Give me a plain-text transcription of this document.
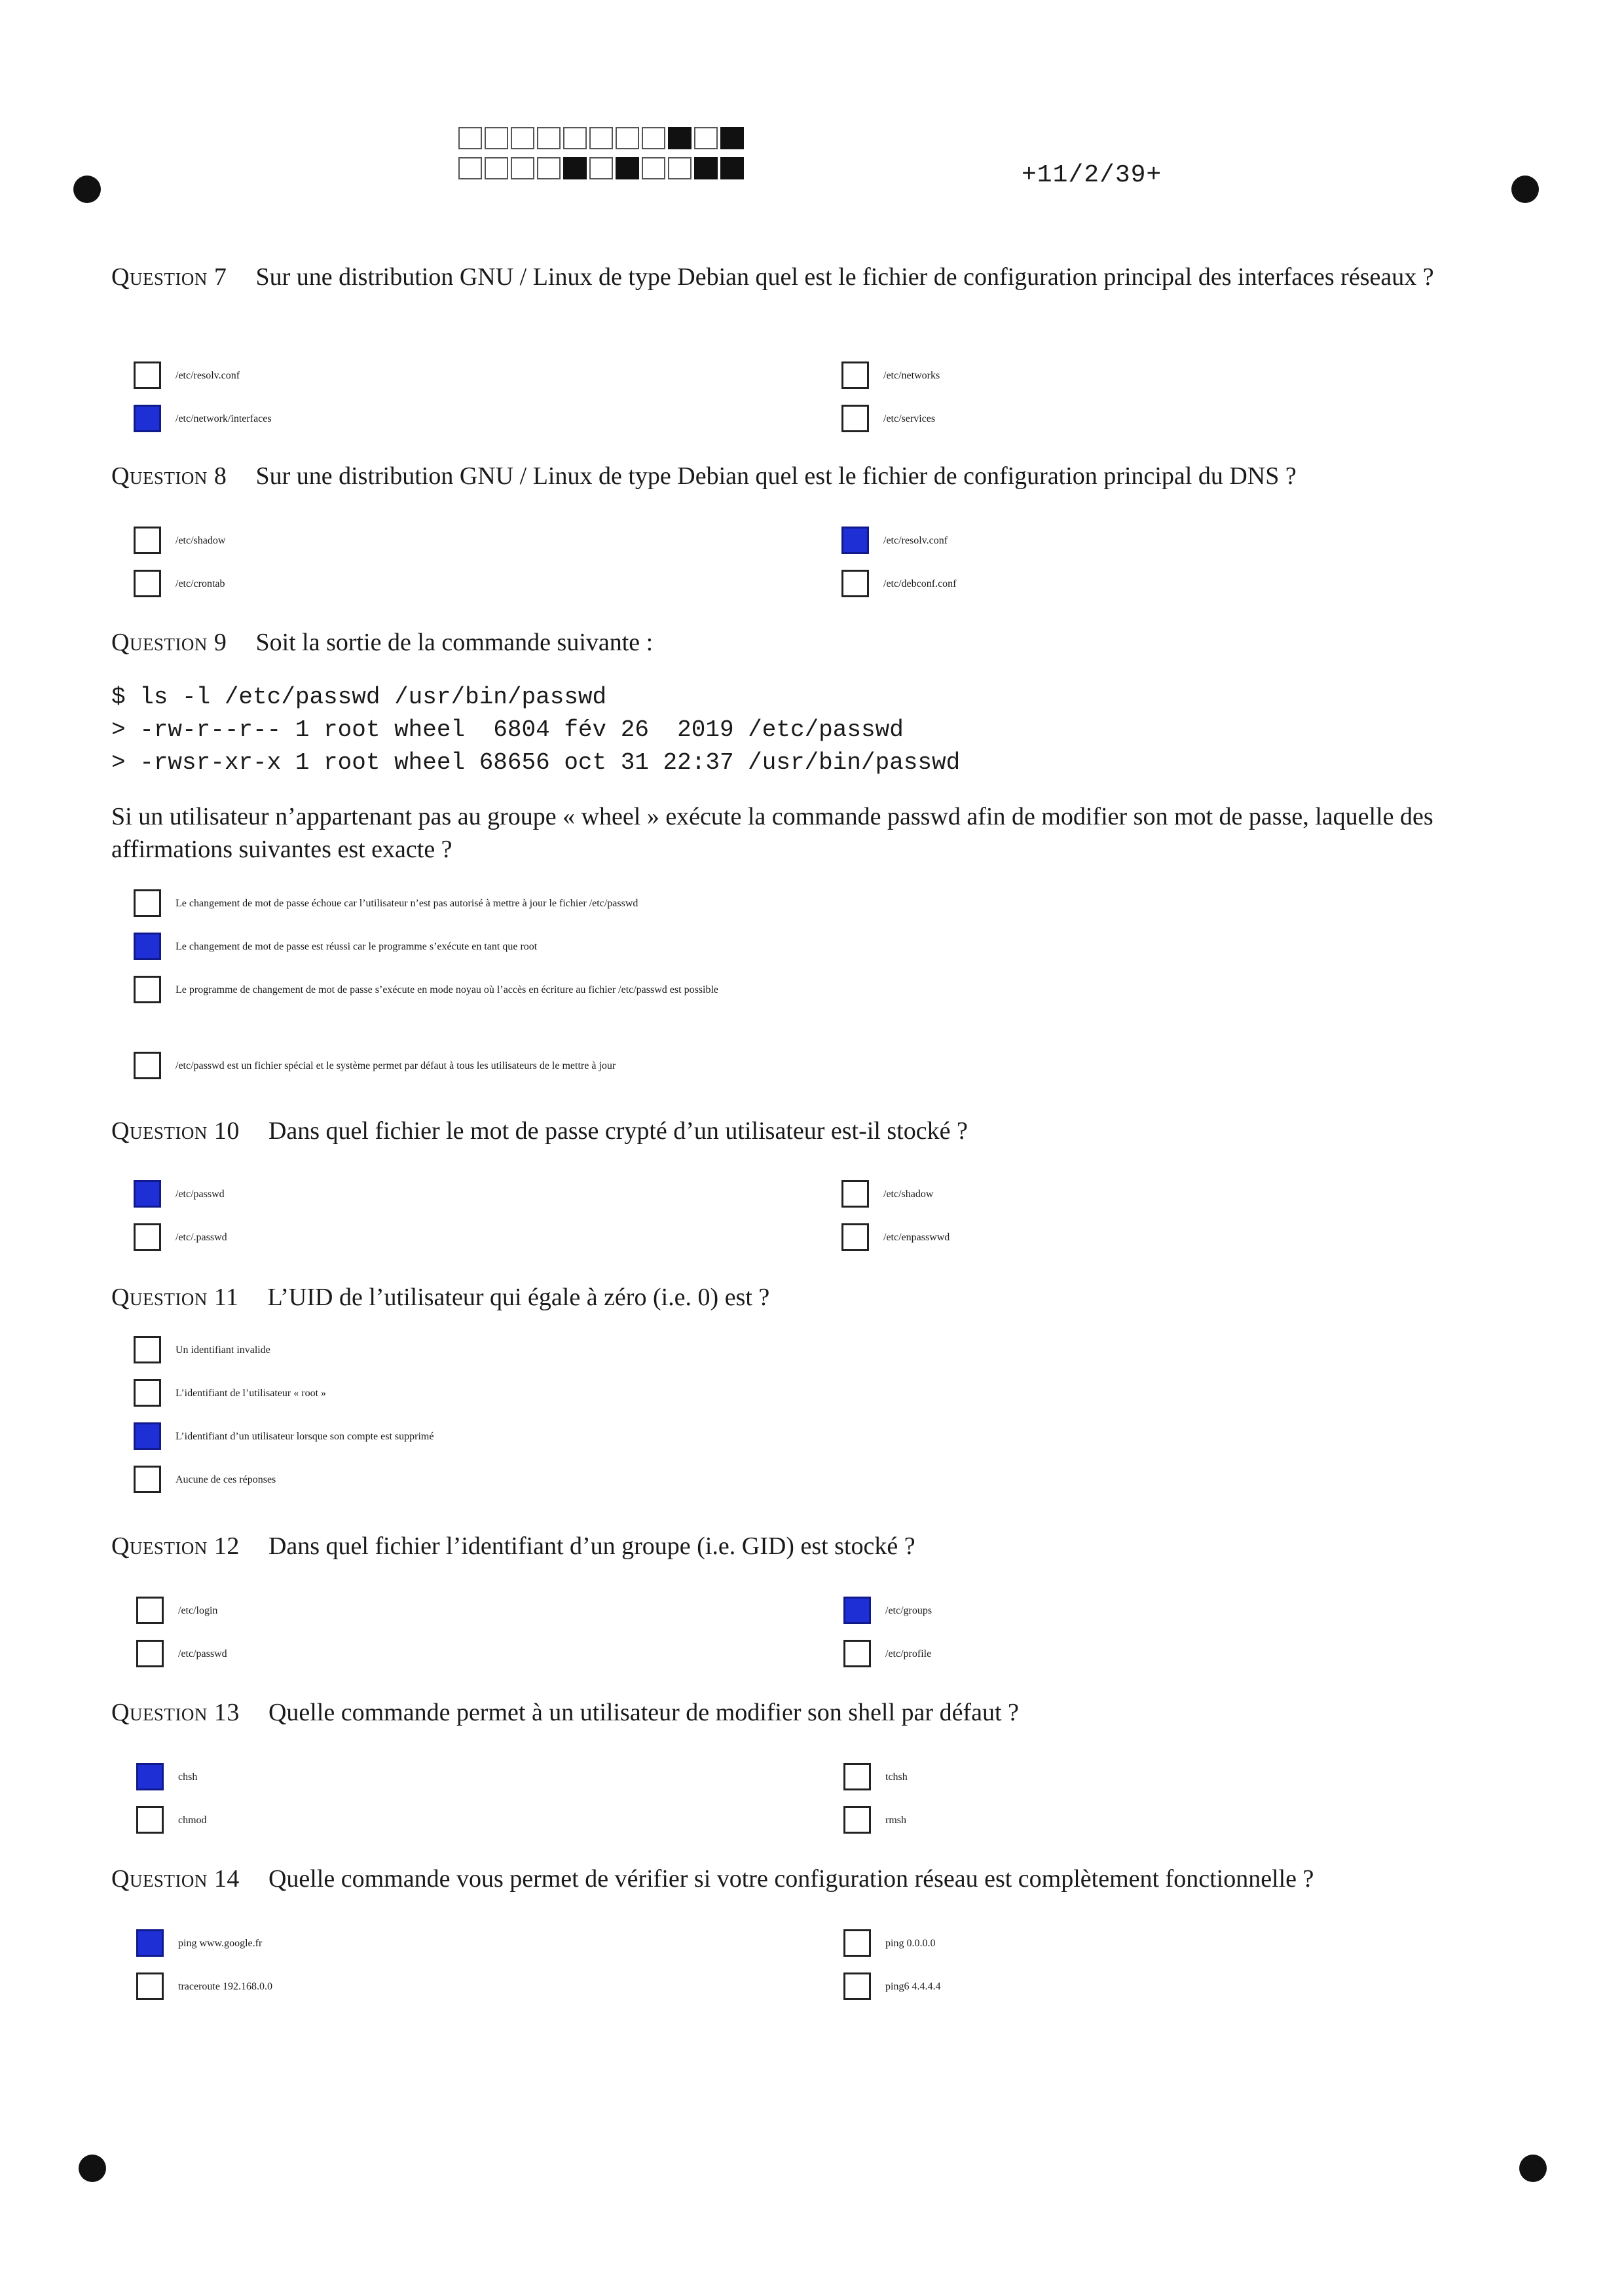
+11/2/39+
Question 7 Sur une distribution GNU / Linux de type Debian quel est le fichier de configuration principal des interfaces réseaux ?
/etc/resolv.conf	/etc/networks
/etc/network/interfaces	/etc/services
Question 8 Sur une distribution GNU / Linux de type Debian quel est le fichier de configuration principal du DNS ?
/etc/shadow	/etc/resolv.conf
/etc/crontab	/etc/debconf.conf
Question 9 Soit la sortie de la commande suivante :
$ ls -l /etc/passwd /usr/bin/passwd
> -rw-r--r-- 1 root wheel  6804 fév 26  2019 /etc/passwd
> -rwsr-xr-x 1 root wheel 68656 oct 31 22:37 /usr/bin/passwd
Si un utilisateur n’appartenant pas au groupe « wheel » exécute la commande passwd afin de modifier son mot de passe, laquelle des affirmations suivantes est exacte ?
Le changement de mot de passe échoue car l’utilisateur n’est pas autorisé à mettre à jour le fichier /etc/passwd
Le changement de mot de passe est réussi car le programme s’exécute en tant que root
Le programme de changement de mot de passe s’exécute en mode noyau où l’accès en écriture au fichier /etc/passwd est possible
/etc/passwd est un fichier spécial et le système permet par défaut à tous les utilisateurs de le mettre à jour
Question 10 Dans quel fichier le mot de passe crypté d’un utilisateur est-il stocké ?
/etc/passwd	/etc/shadow
/etc/.passwd	/etc/enpasswwd
Question 11 L’UID de l’utilisateur qui égale à zéro (i.e. 0) est ?
Un identifiant invalide
L’identifiant de l’utilisateur « root »
L’identifiant d’un utilisateur lorsque son compte est supprimé
Aucune de ces réponses
Question 12 Dans quel fichier l’identifiant d’un groupe (i.e. GID) est stocké ?
/etc/login	/etc/groups
/etc/passwd	/etc/profile
Question 13 Quelle commande permet à un utilisateur de modifier son shell par défaut ?
chsh	tchsh
chmod	rmsh
Question 14 Quelle commande vous permet de vérifier si votre configuration réseau est complètement fonctionnelle ?
ping www.google.fr	ping 0.0.0.0
traceroute 192.168.0.0	ping6 4.4.4.4
